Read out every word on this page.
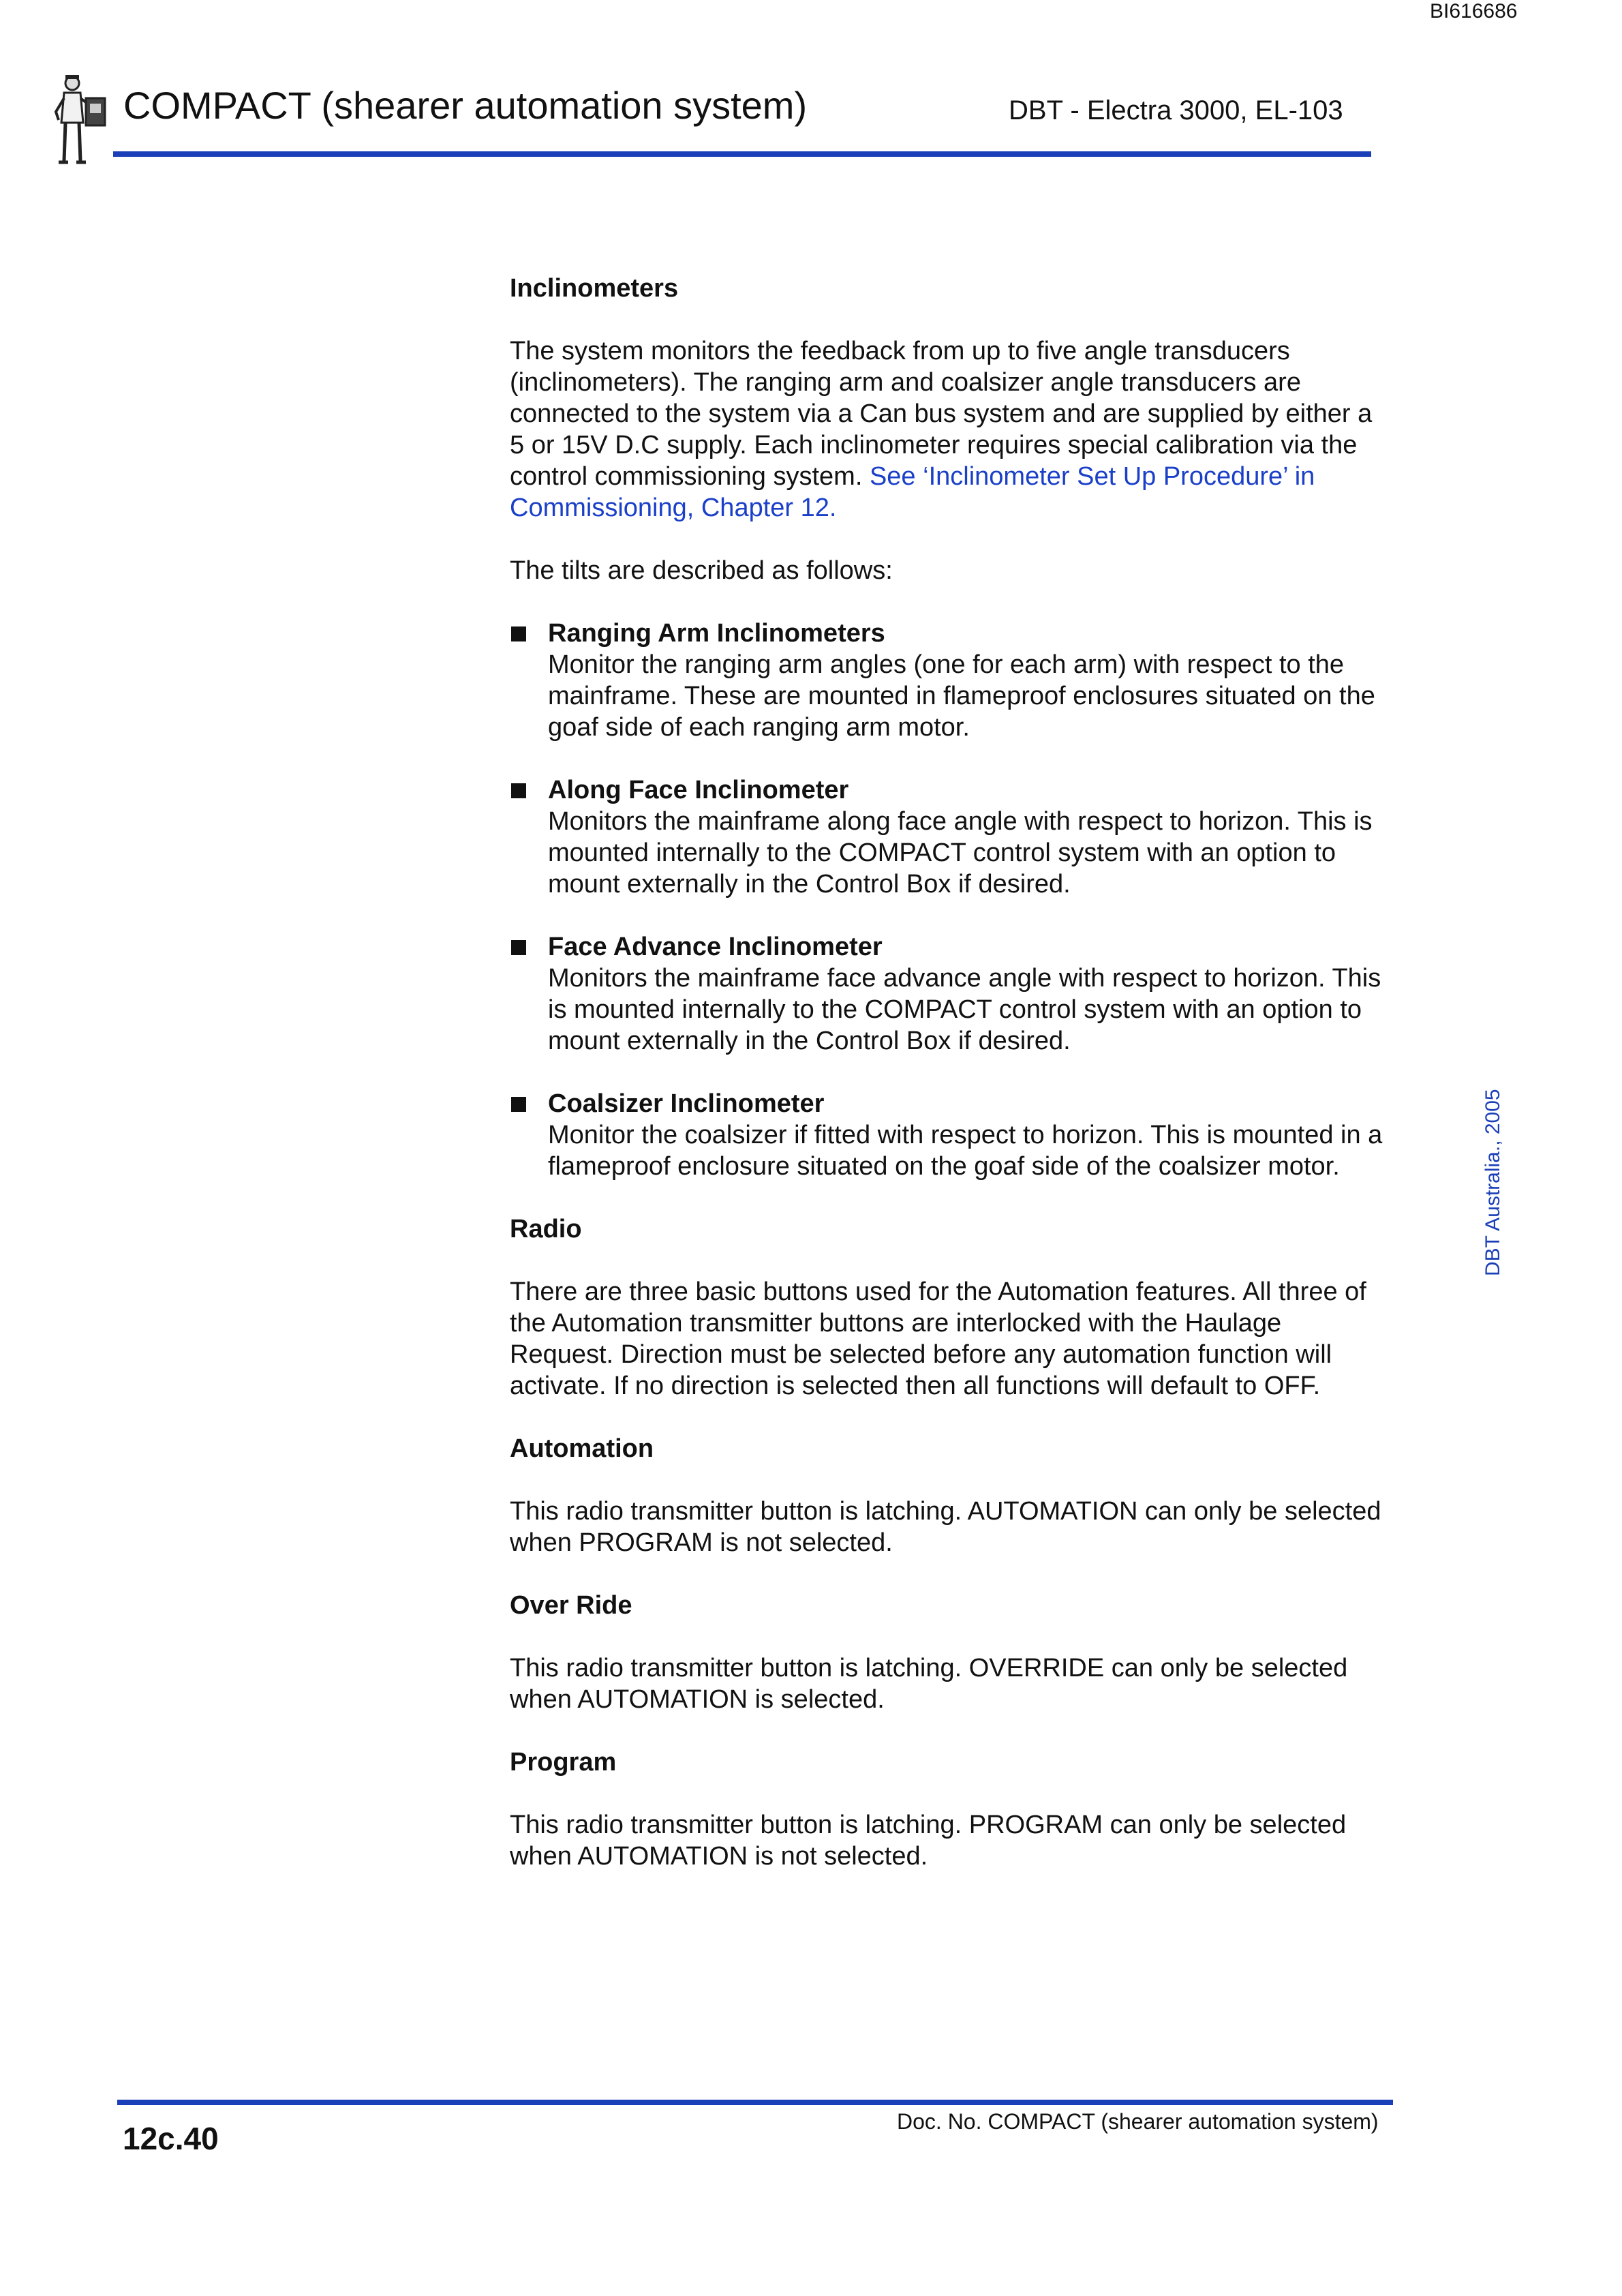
BI616686
COMPACT (shearer automation system)	DBT - Electra 3000, EL-103
Inclinometers
The system monitors the feedback from up to five angle transducers (inclinometers). The ranging arm and coalsizer angle transducers are connected to the system via a Can bus system and are supplied by either a 5 or 15V D.C supply. Each inclinometer requires special calibration via the control commissioning system. See ‘Inclinometer Set Up Procedure’ in Commissioning, Chapter 12.
The tilts are described as follows:
Ranging Arm Inclinometers
Monitor the ranging arm angles (one for each arm) with respect to the mainframe. These are mounted in flameproof enclosures situated on the goaf side of each ranging arm motor.
Along Face Inclinometer
Monitors the mainframe along face angle with respect to horizon. This is mounted internally to the COMPACT control system with an option to mount externally in the Control Box if desired.
Face Advance Inclinometer
Monitors the mainframe face advance angle with respect to horizon. This is mounted internally to the COMPACT control system with an option to mount externally in the Control Box if desired.
Coalsizer Inclinometer
Monitor the coalsizer if fitted with respect to horizon. This is mounted in a flameproof enclosure situated on the goaf side of the coalsizer motor.
Radio
There are three basic buttons used for the Automation features. All three of the Automation transmitter buttons are interlocked with the Haulage Request. Direction must be selected before any automation function will activate. If no direction is selected then all functions will default to OFF.
Automation
This radio transmitter button is latching. AUTOMATION can only be selected when PROGRAM is not selected.
Over Ride
This radio transmitter button is latching. OVERRIDE can only be selected when AUTOMATION is selected.
Program
This radio transmitter button is latching. PROGRAM can only be selected when AUTOMATION is not selected.
DBT Australia., 2005
12c.40	Doc. No. COMPACT (shearer automation system)
